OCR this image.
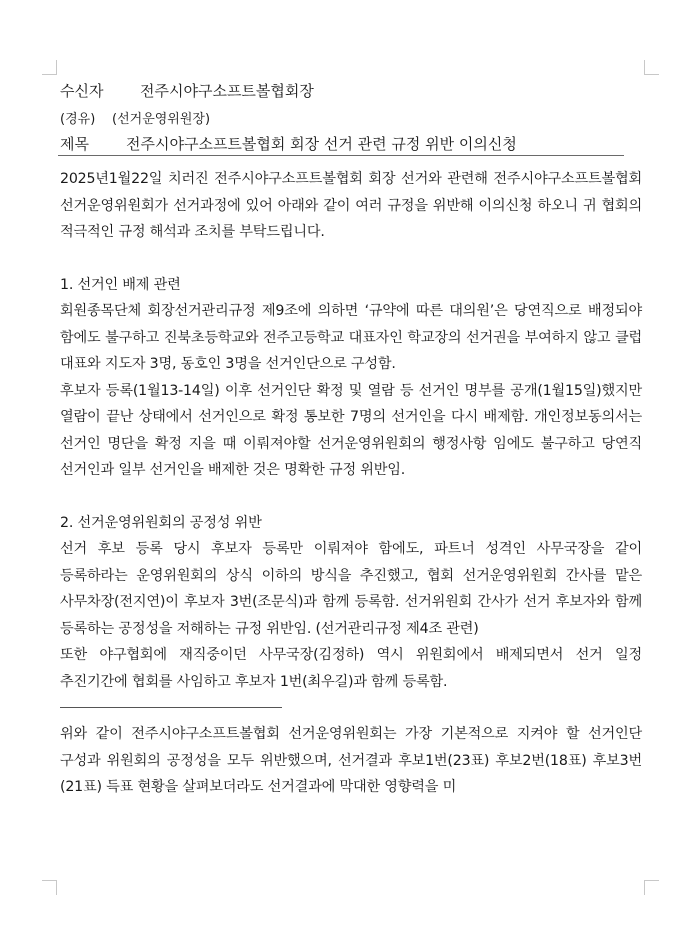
수신자 전주시야구소프트볼협회장
(경유) (선거운영위원장)
제목 전주시야구소프트볼협회 회장 선거 관련 규정 위반 이의신청

2025년1월22일 치러진 전주시야구소프트볼협회 회장 선거와 관련해 전주시야구소프트볼협회 선거운영위원회가 선거과정에 있어 아래와 같이 여러 규정을 위반해 이의신청 하오니 귀 협회의 적극적인 규정 해석과 조치를 부탁드립니다.

1. 선거인 배제 관련

회원종목단체 회장선거관리규정 제9조에 의하면 ‘규약에 따른 대의원’은 당연직으로 배정되야 함에도 불구하고 진북초등학교와 전주고등학교 대표자인 학교장의 선거권을 부여하지 않고 클럽 대표와 지도자 3명, 동호인 3명을 선거인단으로 구성함.

후보자 등록(1월13-14일) 이후 선거인단 확정 및 열람 등 선거인 명부를 공개(1월15일)했지만 열람이 끝난 상태에서 선거인으로 확정 통보한 7명의 선거인을 다시 배제함. 개인정보동의서는 선거인 명단을 확정 지을 때 이뤄져야할 선거운영위원회의 행정사항 임에도 불구하고 당연직 선거인과 일부 선거인을 배제한 것은 명확한 규정 위반임.

2. 선거운영위원회의 공정성 위반

선거 후보 등록 당시 후보자 등록만 이뤄져야 함에도, 파트너 성격인 사무국장을 같이 등록하라는 운영위원회의 상식 이하의 방식을 추진했고, 협회 선거운영위원회 간사를 맡은 사무차장(전지연)이 후보자 3번(조문식)과 함께 등록함. 선거위원회 간사가 선거 후보자와 함께 등록하는 공정성을 저해하는 규정 위반임. (선거관리규정 제4조 관련)

또한 야구협회에 재직중이던 사무국장(김정하) 역시 위원회에서 배제되면서 선거 일정 추진기간에 협회를 사임하고 후보자 1번(최우길)과 함께 등록함.

위와 같이 전주시야구소프트볼협회 선거운영위원회는 가장 기본적으로 지켜야 할 선거인단 구성과 위원회의 공정성을 모두 위반했으며, 선거결과 후보1번(23표) 후보2번(18표) 후보3번(21표) 득표 현황을 살펴보더라도 선거결과에 막대한 영향력을 미
